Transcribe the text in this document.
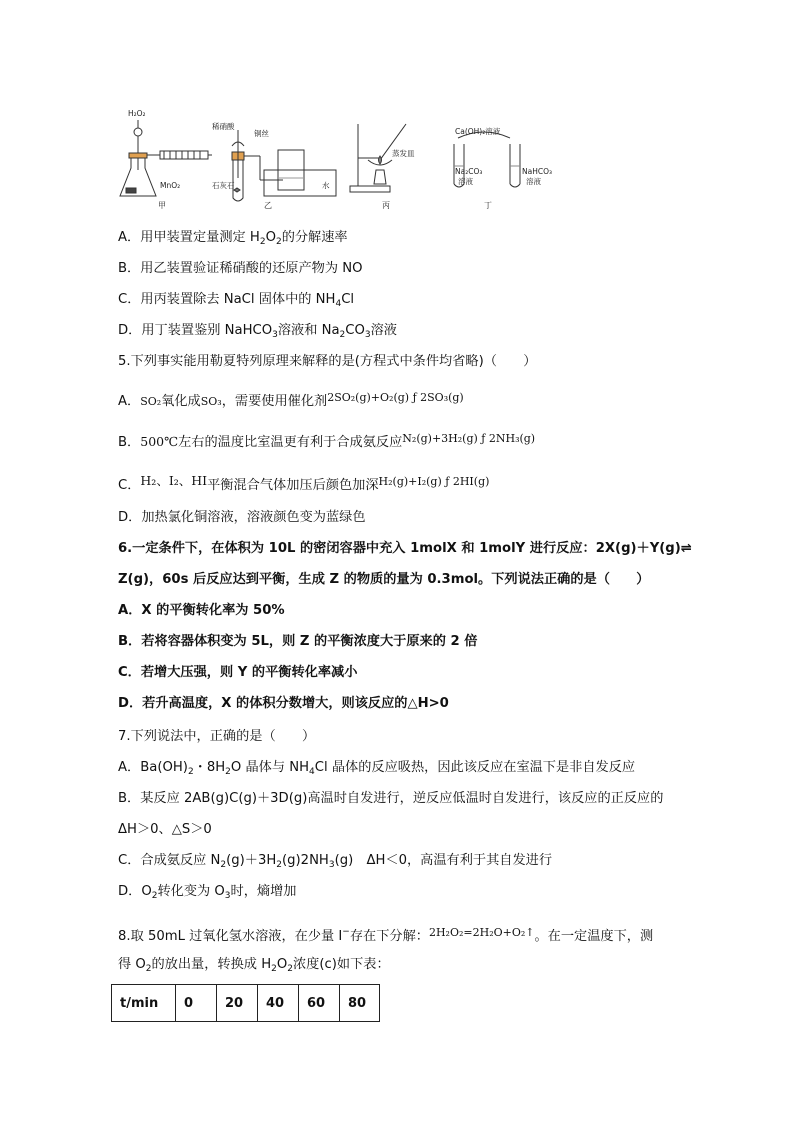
H₂O₂
MnO₂
稀硝酸
铜丝
石灰石	水
蒸发皿
Ca(OH)₂溶液
Na₂CO₃
溶液
NaHCO₃
溶液
甲	乙	丙	丁
A．用甲装置定量测定 $H_2O_2$的分解速率
B．用乙装置验证稀硝酸的还原产物为 NO
C．用丙装置除去 NaCl 固体中的 $NH_4Cl$
D．用丁装置鉴别 NaHCO$_3$溶液和 $Na_2CO_3$溶液
5.下列事实能用勒夏特列原理来解释的是(方程式中条件均省略)（　　）
A．SO₂氧化成SO₃，需要使用催化剂$^{2SO_2(g)+O_2(g) ƒ 2SO_3(g)}$
B．500℃左右的温度比室温更有利于合成氨反应$^{N_2(g)+3H_2(g) ƒ 2NH_3(g)}$
C．H₂、I₂、HI平衡混合气体加压后颜色加深$^{H_2(g)+I_2(g) ƒ 2HI(g)}$
D．加热氯化铜溶液，溶液颜色变为蓝绿色
6.一定条件下，在体积为 10L 的密闭容器中充入 1molX 和 1molY 进行反应：2X(g)＋Y(g)⇌
Z(g)，60s 后反应达到平衡，生成 Z 的物质的量为 0.3mol。下列说法正确的是（　　）
A．X 的平衡转化率为 50%
B．若将容器体积变为 5L，则 Z 的平衡浓度大于原来的 2 倍
C．若增大压强，则 Y 的平衡转化率减小
D．若升高温度，X 的体积分数增大，则该反应的△H>0
7.下列说法中，正确的是（　　）
A．$Ba(OH)_2$・$8H_2O$ 晶体与 $NH_4Cl$ 晶体的反应吸热，因此该反应在室温下是非自发反应
B．某反应 2AB(g)C(g)＋3D(g)高温时自发进行，逆反应低温时自发进行，该反应的正反应的
ΔH＞0、△S＞0
C．合成氨反应 $N_2(g)+3H_2(g)2NH_3(g)$　ΔH＜0，高温有利于其自发进行
D．$O_2$转化变为 $O_3$时，熵增加
8.取 50mL 过氧化氢水溶液，在少量 I−存在下分解：$^{2H_2O_2=2H_2O+O_2↑}$。在一定温度下，测
得 $O_2$的放出量，转换成 $H_2O_2$浓度(c)如下表：
t/min	0	20	40	60	80
